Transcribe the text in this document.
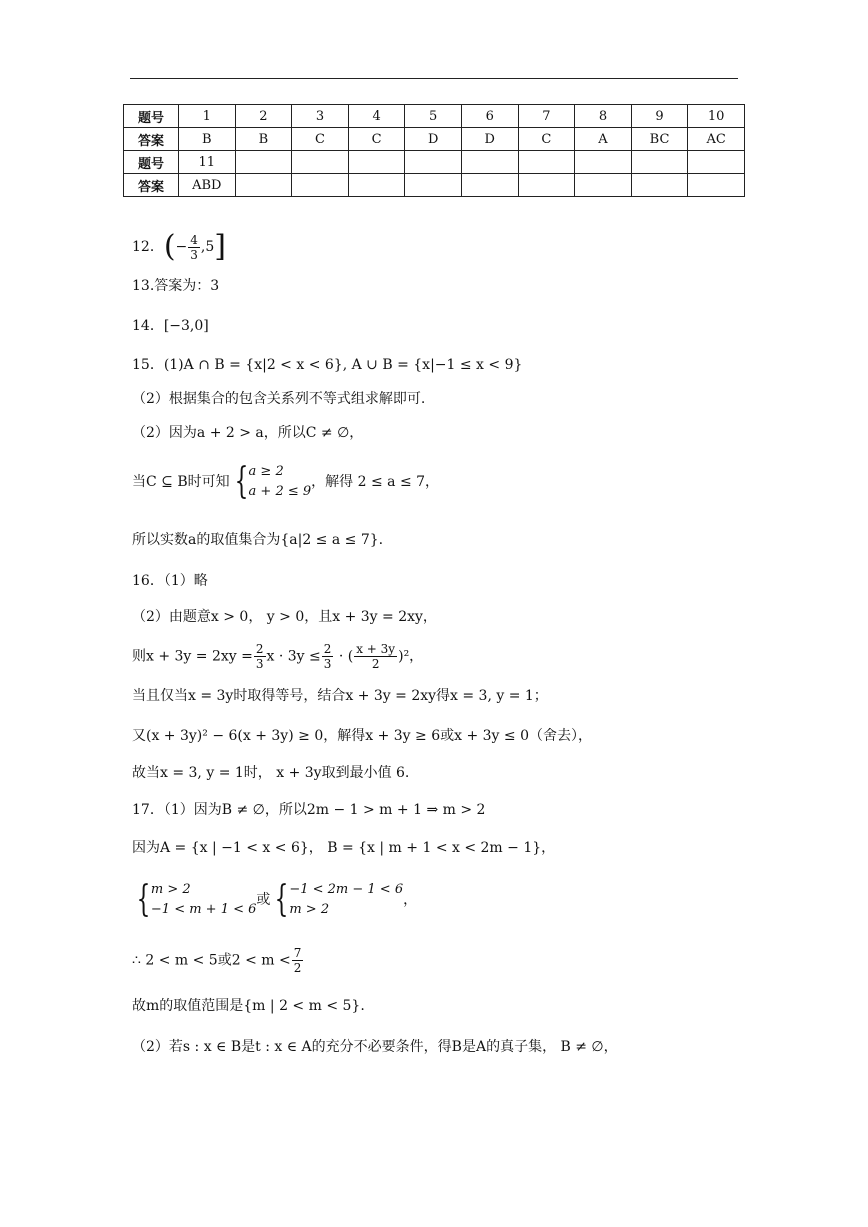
题号	1	2	3	4	5	6	7	8	9	10
答案	B	B	C	C	D	D	C	A	BC	AC
题号	11									
答案	ABD									
12．(− $\frac{4}{3} ,5$]
13.答案为：3
14．[−3,0]
15．(1)A ∩ B = {x|2 < x < 6}, A ∪ B = {x|−1 ≤ x < 9}
（2）根据集合的包含关系列不等式组求解即可.
（2）因为a + 2 > a，所以C ≠ ∅，
当C ⊆ B时可知 {a ≥ 2
a + 2 ≤ 9，解得 2 ≤ a ≤ 7，
所以实数a的取值集合为{a|2 ≤ a ≤ 7}.
16．（1）略
（2）由题意x > 0， y > 0，且x + 3y = 2xy，
则$x + 3y = 2xy = \frac{2}{3}$ $x \cdot 3y \le \frac{2}{3}$ · ( $\frac{x + 3y}{2} )^2$，
当且仅当x = 3y时取得等号，结合x + 3y = 2xy得x = 3, y = 1；
又(x + 3y)² − 6(x + 3y) ≥ 0，解得x + 3y ≥ 6或x + 3y ≤ 0（舍去），
故当x = 3, y = 1时， x + 3y取到最小值 6.
17．（1）因为B ≠ ∅，所以2m − 1 > m + 1 ⇒ m > 2
因为A = {x | −1 < x < 6}， B = {x | m + 1 < x < 2m − 1}，
{m > 2
−1 < m + 1 < 6或 {−1 < 2m − 1 < 6
m > 2，
∴ 2 < m < 5或$2 < m < \frac{7}{2}$
故m的取值范围是{m | 2 < m < 5}.
（2）若s : x ∈ B是t : x ∈ A的充分不必要条件，得B是A的真子集， B ≠ ∅，
